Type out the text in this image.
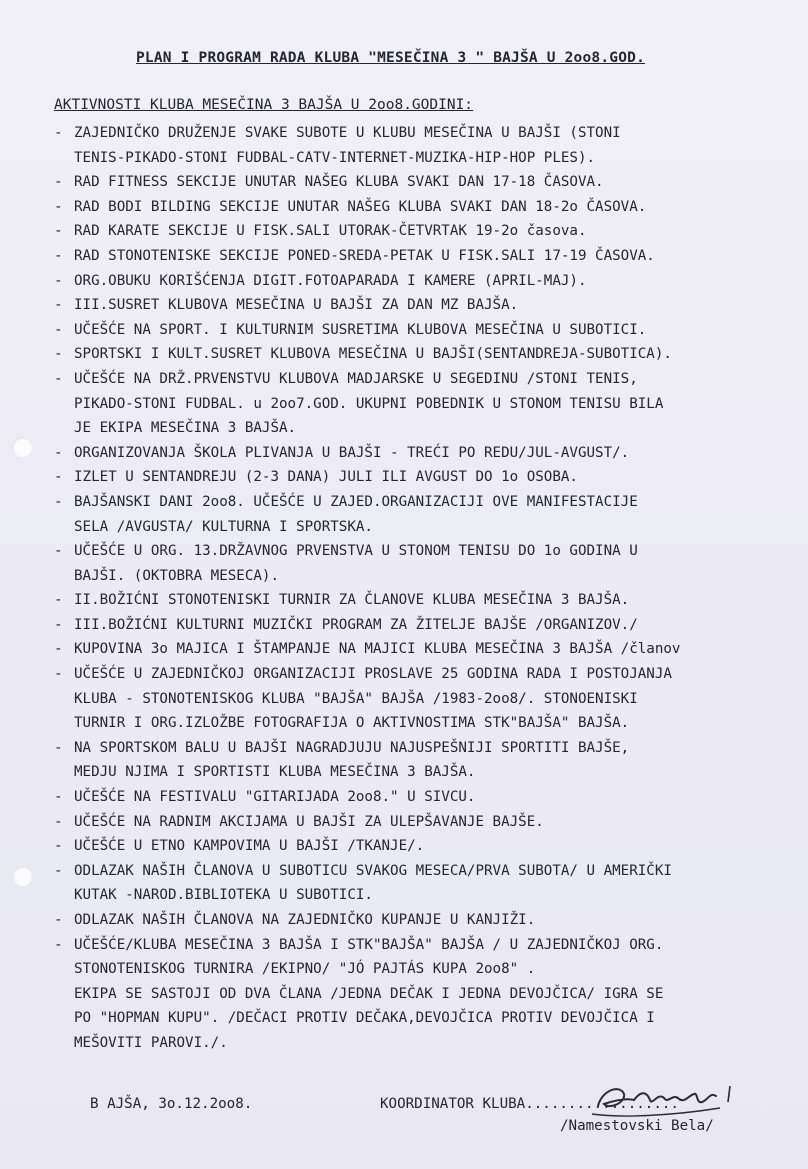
PLAN I PROGRAM RADA KLUBA "MESEČINA 3 " BAJŠA U 2oo8.GOD.
AKTIVNOSTI KLUBA MESEČINA 3 BAJŠA U 2oo8.GODINI:
- ZAJEDNIČKO DRUŽENJE SVAKE SUBOTE U KLUBU MESEČINA U BAJŠI (STONI
TENIS-PIKADO-STONI FUDBAL-CATV-INTERNET-MUZIKA-HIP-HOP PLES).
- RAD FITNESS SEKCIJE UNUTAR NAŠEG KLUBA SVAKI DAN 17-18 ČASOVA.
- RAD BODI BILDING SEKCIJE UNUTAR NAŠEG KLUBA SVAKI DAN 18-2o ČASOVA.
- RAD KARATE SEKCIJE U FISK.SALI UTORAK-ČETVRTAK 19-2o časova.
- RAD STONOTENISKE SEKCIJE PONED-SREDA-PETAK U FISK.SALI 17-19 ČASOVA.
- ORG.OBUKU KORIŠĆENJA DIGIT.FOTOAPARADA I KAMERE (APRIL-MAJ).
- III.SUSRET KLUBOVA MESEČINA U BAJŠI ZA DAN MZ BAJŠA.
- UČEŠĆE NA SPORT. I KULTURNIM SUSRETIMA KLUBOVA MESEČINA U SUBOTICI.
- SPORTSKI I KULT.SUSRET KLUBOVA MESEČINA U BAJŠI(SENTANDREJA-SUBOTICA).
- UČEŠĆE NA DRŽ.PRVENSTVU KLUBOVA MADJARSKE U SEGEDINU /STONI TENIS,
PIKADO-STONI FUDBAL. u 2oo7.GOD. UKUPNI POBEDNIK U STONOM TENISU BILA
JE EKIPA MESEČINA 3 BAJŠA.
- ORGANIZOVANJA ŠKOLA PLIVANJA U BAJŠI - TREĆI PO REDU/JUL-AVGUST/.
- IZLET U SENTANDREJU (2-3 DANA) JULI ILI AVGUST DO 1o OSOBA.
- BAJŠANSKI DANI 2oo8. UČEŠĆE U ZAJED.ORGANIZACIJI OVE MANIFESTACIJE
SELA /AVGUSTA/ KULTURNA I SPORTSKA.
- UČEŠĆE U ORG. 13.DRŽAVNOG PRVENSTVA U STONOM TENISU DO 1o GODINA U
BAJŠI. (OKTOBRA MESECA).
- II.BOŽIĆNI STONOTENISKI TURNIR ZA ČLANOVE KLUBA MESEČINA 3 BAJŠA.
- III.BOŽIĆNI KULTURNI MUZIČKI PROGRAM ZA ŽITELJE BAJŠE /ORGANIZOV./
- KUPOVINA 3o MAJICA I ŠTAMPANJE NA MAJICI KLUBA MESEČINA 3 BAJŠA /članov
- UČEŠĆE U ZAJEDNIČKOJ ORGANIZACIJI PROSLAVE 25 GODINA RADA I POSTOJANJA
KLUBA - STONOTENISKOG KLUBA "BAJŠA" BAJŠA /1983-2oo8/. STONOENISKI
TURNIR I ORG.IZLOŽBE FOTOGRAFIJA O AKTIVNOSTIMA STK"BAJŠA" BAJŠA.
- NA SPORTSKOM BALU U BAJŠI NAGRADJUJU NAJUSPEŠNIJI SPORTITI BAJŠE,
MEDJU NJIMA I SPORTISTI KLUBA MESEČINA 3 BAJŠA.
- UČEŠĆE NA FESTIVALU "GITARIJADA 2oo8." U SIVCU.
- UČEŠĆE NA RADNIM AKCIJAMA U BAJŠI ZA ULEPŠAVANJE BAJŠE.
- UČEŠĆE U ETNO KAMPOVIMA U BAJŠI /TKANJE/.
- ODLAZAK NAŠIH ČLANOVA U SUBOTICU SVAKOG MESECA/PRVA SUBOTA/ U AMERIČKI
KUTAK -NAROD.BIBLIOTEKA U SUBOTICI.
- ODLAZAK NAŠIH ČLANOVA NA ZAJEDNIČKO KUPANJE U KANJIŽI.
- UČEŠĆE/KLUBA MESEČINA 3 BAJŠA I STK"BAJŠA" BAJŠA / U ZAJEDNIČKOJ ORG.
STONOTENISKOG TURNIRA /EKIPNO/ "JÓ PAJTÁS KUPA 2oo8" .
EKIPA SE SASTOJI OD DVA ČLANA /JEDNA DEČAK I JEDNA DEVOJČICA/ IGRA SE
PO "HOPMAN KUPU". /DEČACI PROTIV DEČAKA,DEVOJČICA PROTIV DEVOJČICA I
MEŠOVITI PAROVI./.
B AJŠA, 3o.12.2oo8.	KOORDINATOR KLUBA..................
/Namestovski Bela/
